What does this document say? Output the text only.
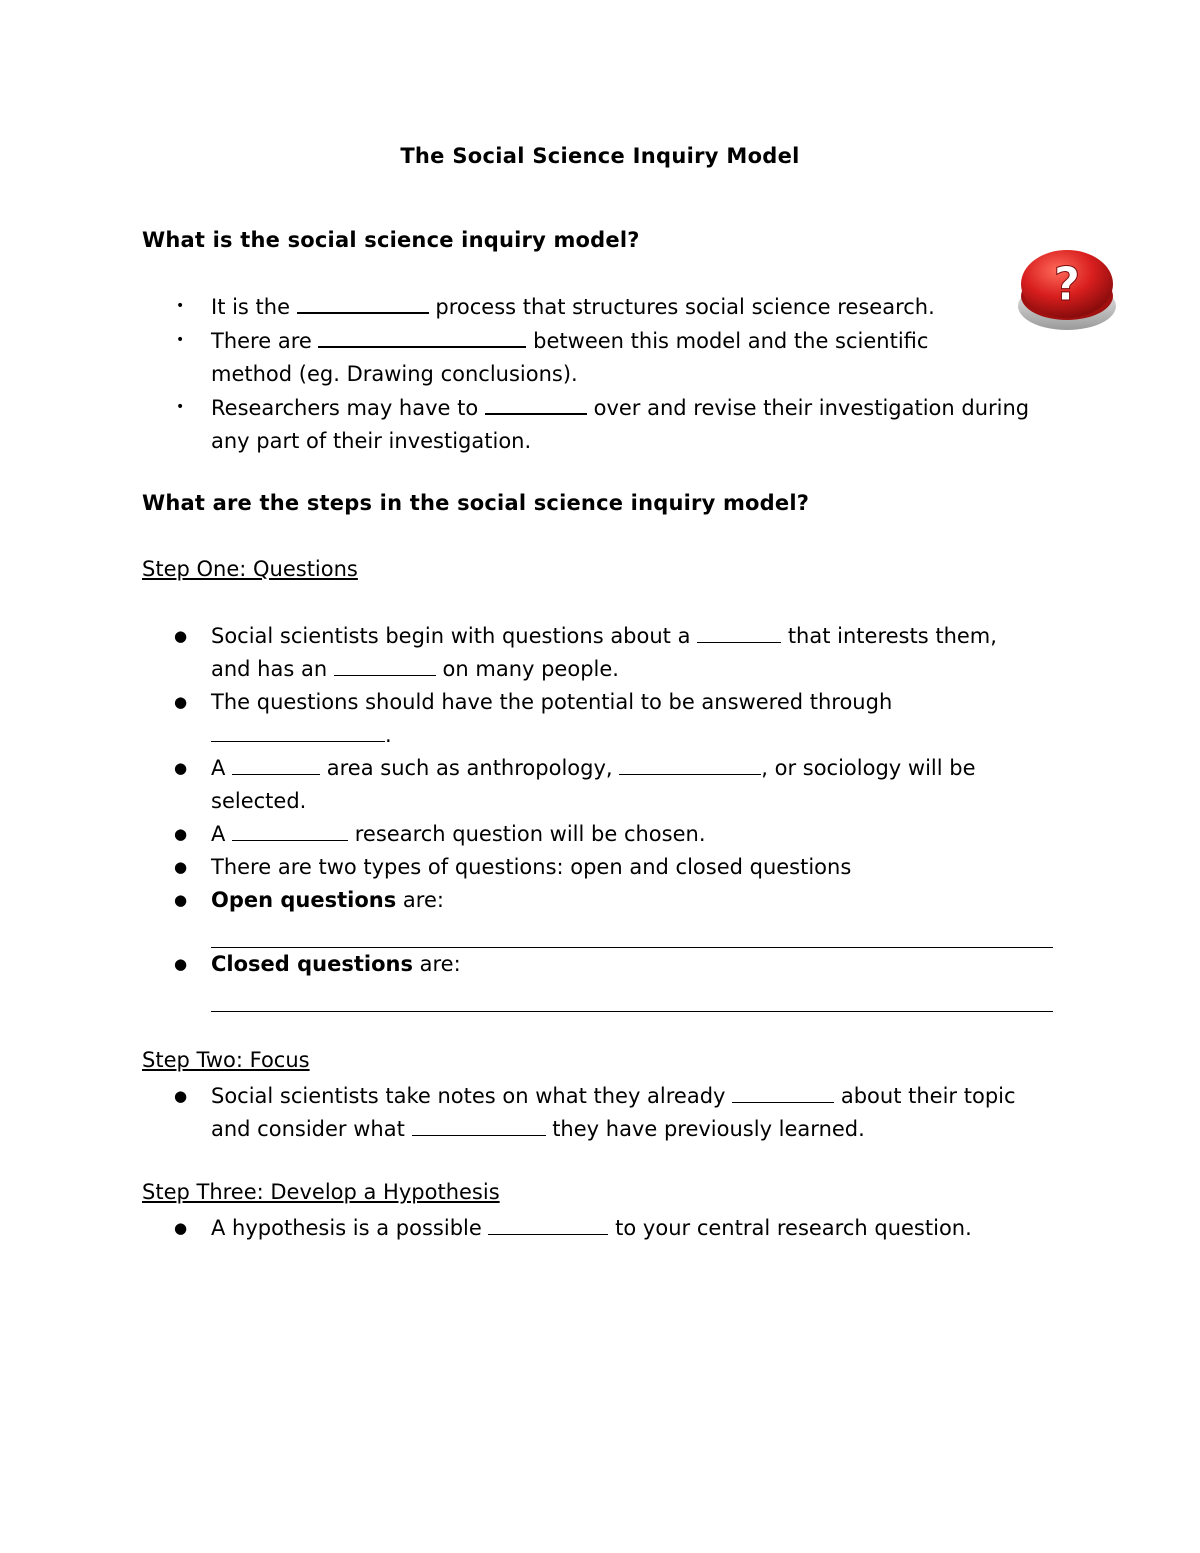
The Social Science Inquiry Model
?
What is the social science inquiry model?
• It is the	process that structures social science research.
• There are	between this model and the scientific
method (eg. Drawing conclusions).
• Researchers may have to	over and revise their investigation during
any part of their investigation.
What are the steps in the social science inquiry model?
Step One: Questions
● Social scientists begin with questions about a	that interests them,
and has an	on many people.
● The questions should have the potential to be answered through
.
● A	area such as anthropology,	, or sociology will be
selected.
● A	research question will be chosen.
● There are two types of questions: open and closed questions
● Open questions are:
● Closed questions are:
Step Two: Focus
● Social scientists take notes on what they already	about their topic
and consider what	they have previously learned.
Step Three: Develop a Hypothesis
● A hypothesis is a possible	to your central research question.
